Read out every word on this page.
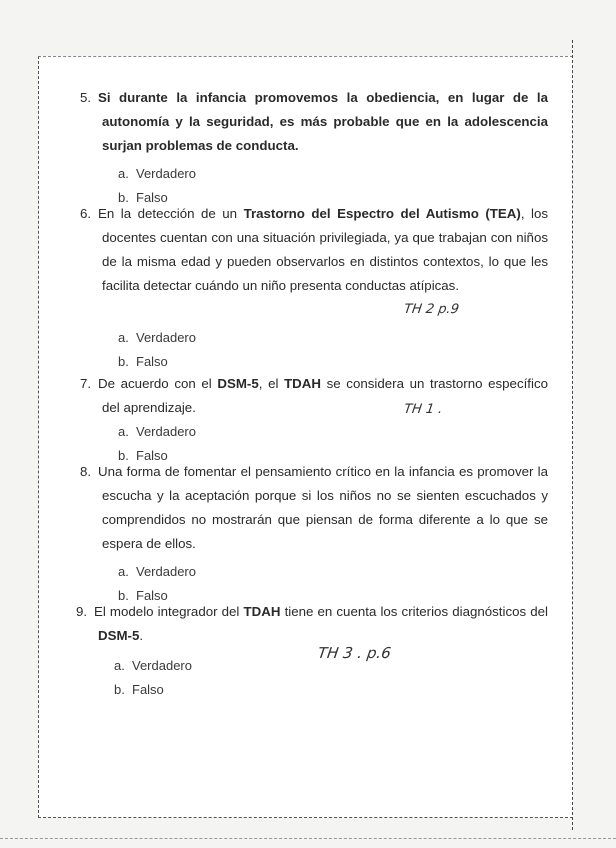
5. Si durante la infancia promovemos la obediencia, en lugar de la autonomía y la seguridad, es más probable que en la adolescencia surjan problemas de conducta.
a. Verdadero
b. Falso
6. En la detección de un Trastorno del Espectro del Autismo (TEA), los docentes cuentan con una situación privilegiada, ya que trabajan con niños de la misma edad y pueden observarlos en distintos contextos, lo que les facilita detectar cuándo un niño presenta conductas atípicas.
TH 2 p.9
a. Verdadero
b. Falso
7. De acuerdo con el DSM-5, el TDAH se considera un trastorno específico del aprendizaje.	TH 1 .
a. Verdadero
b. Falso
8. Una forma de fomentar el pensamiento crítico en la infancia es promover la escucha y la aceptación porque si los niños no se sienten escuchados y comprendidos no mostrarán que piensan de forma diferente a lo que se espera de ellos.
a. Verdadero
b. Falso
9. El modelo integrador del TDAH tiene en cuenta los criterios diagnósticos del DSM-5.
TH 3 . p.6
a. Verdadero
b. Falso
